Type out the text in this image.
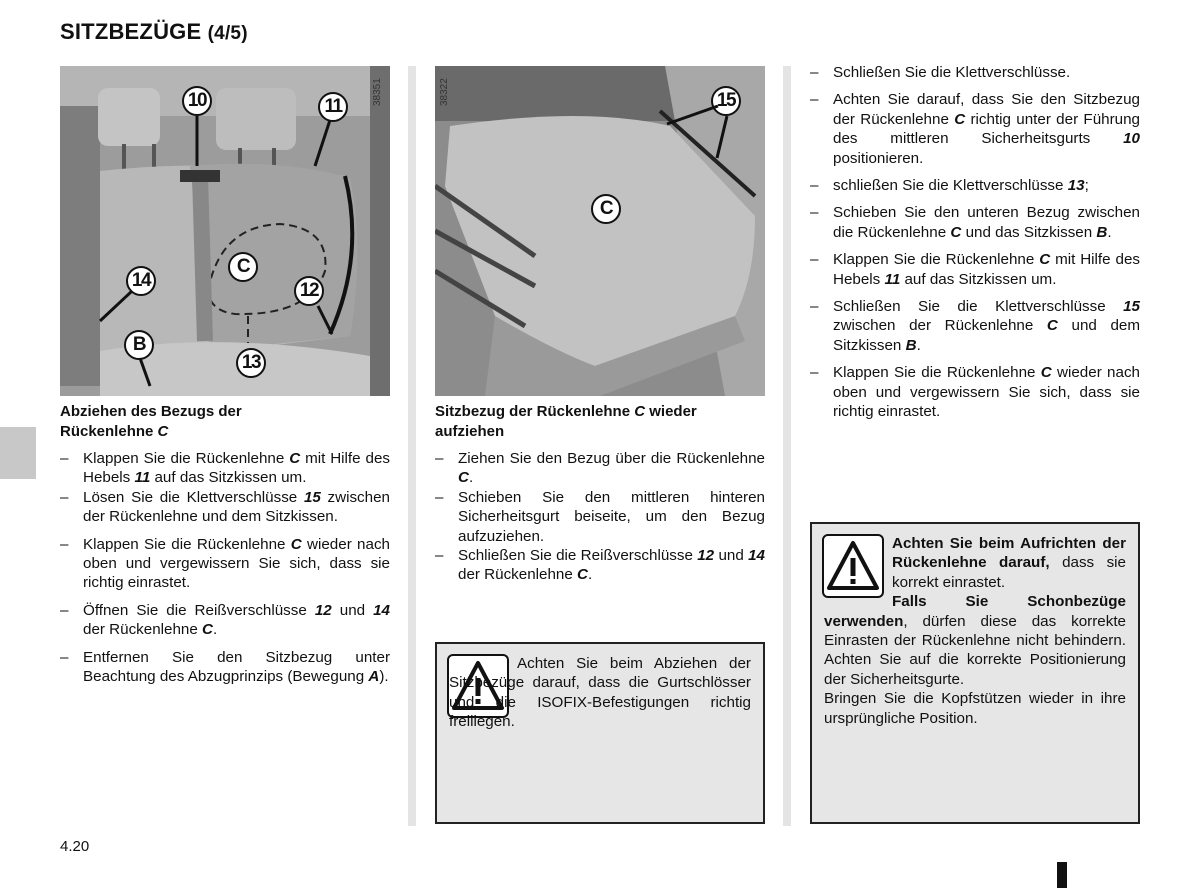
SITZBEZÜGE (4/5)
38351
10	11
14	12
C
B
13
38322	15
C
Abziehen des Bezugs der
Rückenlehne C
– Klappen Sie die Rückenlehne C mit Hilfe des Hebels 11 auf das Sitzkissen um.
– Lösen Sie die Klettverschlüsse 15 zwischen der Rückenlehne und dem Sitzkissen.
– Klappen Sie die Rückenlehne C wieder nach oben und vergewissern Sie sich, dass sie richtig einrastet.
– Öffnen Sie die Reißverschlüsse 12 und 14 der Rückenlehne C.
– Entfernen Sie den Sitzbezug unter Beachtung des Abzugprinzips (Bewegung A).
Sitzbezug der Rückenlehne C wieder
aufziehen
– Ziehen Sie den Bezug über die Rückenlehne C.
– Schieben Sie den mittleren hinteren Sicherheitsgurt beiseite, um den Bezug aufzuziehen.
– Schließen Sie die Reißverschlüsse 12 und 14 der Rückenlehne C.
Achten Sie beim Abziehen der Sitzbezüge darauf, dass die Gurtschlösser und die ISOFIX-Befestigungen richtig freiliegen.
– Schließen Sie die Klettverschlüsse.
– Achten Sie darauf, dass Sie den Sitzbezug der Rückenlehne C richtig unter der Führung des mittleren Sicherheitsgurts 10 positionieren.
– schließen Sie die Klettverschlüsse 13;
– Schieben Sie den unteren Bezug zwischen die Rückenlehne C und das Sitzkissen B.
– Klappen Sie die Rückenlehne C mit Hilfe des Hebels 11 auf das Sitzkissen um.
– Schließen Sie die Klettverschlüsse 15 zwischen der Rückenlehne C und dem Sitzkissen B.
– Klappen Sie die Rückenlehne C wieder nach oben und vergewissern Sie sich, dass sie richtig einrastet.
Achten Sie beim Aufrichten der Rückenlehne darauf, dass sie korrekt einrastet.
Falls Sie Schonbezüge verwenden, dürfen diese das korrekte Einrasten der Rückenlehne nicht behindern. Achten Sie auf die korrekte Positionierung der Sicherheitsgurte.
Bringen Sie die Kopfstützen wieder in ihre ursprüngliche Position.
4.20
